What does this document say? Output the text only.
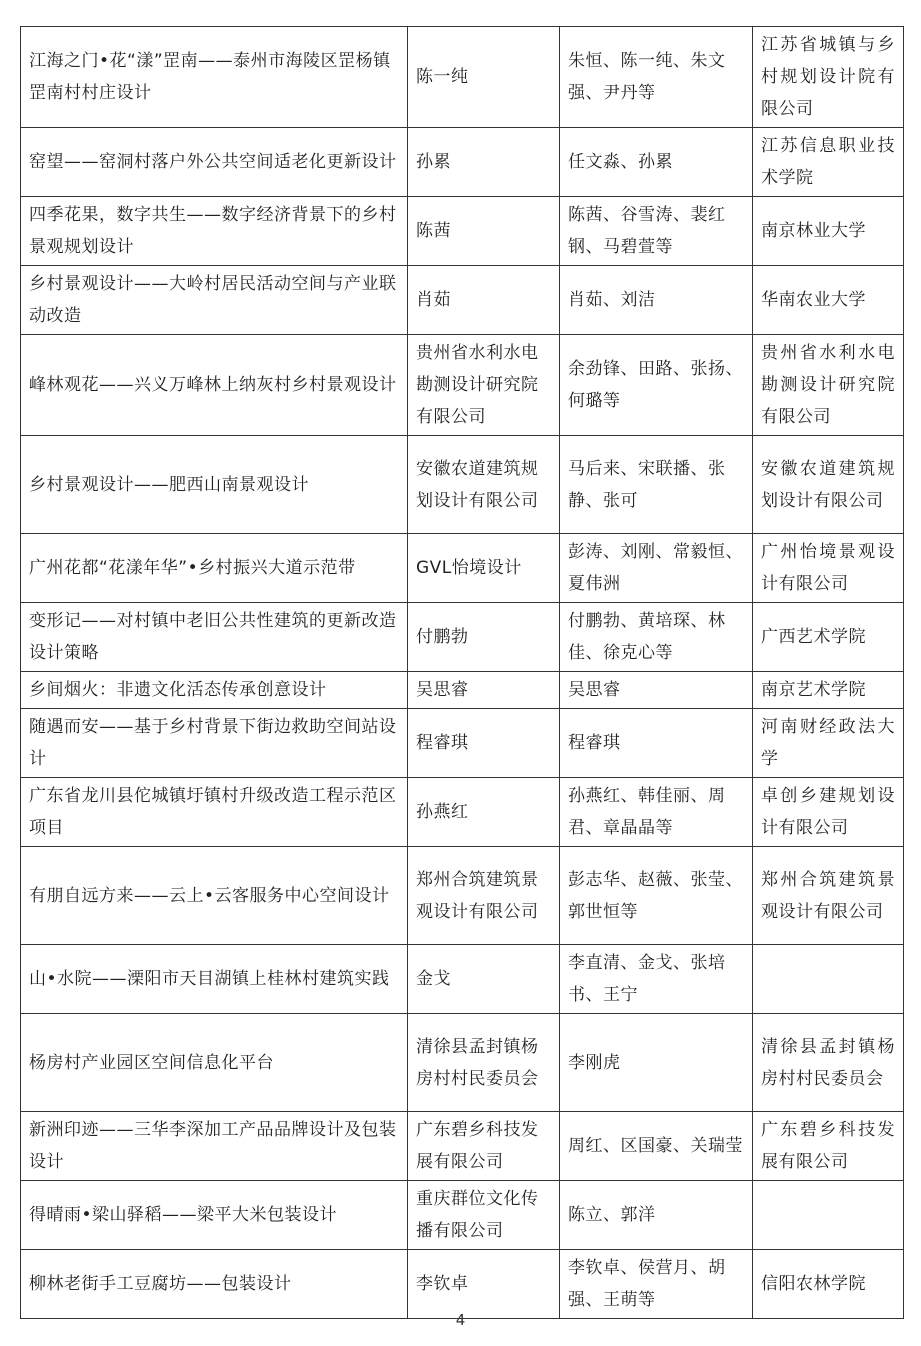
江海之门•花“漾”罡南——泰州市海陵区罡杨镇罡南村村庄设计	陈一纯	朱恒、陈一纯、朱文强、尹丹等	江苏省城镇与乡村规划设计院有限公司
窑望——窑洞村落户外公共空间适老化更新设计	孙累	任文淼、孙累	江苏信息职业技术学院
四季花果，数字共生——数字经济背景下的乡村景观规划设计	陈茜	陈茜、谷雪涛、裴红钢、马碧萱等	南京林业大学
乡村景观设计——大岭村居民活动空间与产业联动改造	肖茹	肖茹、刘洁	华南农业大学
峰林观花——兴义万峰林上纳灰村乡村景观设计	贵州省水利水电勘测设计研究院有限公司	余劲锋、田路、张扬、何璐等	贵州省水利水电勘测设计研究院有限公司
乡村景观设计——肥西山南景观设计	安徽农道建筑规划设计有限公司	马后来、宋联播、张静、张可	安徽农道建筑规划设计有限公司
广州花都“花漾年华”•乡村振兴大道示范带	GVL怡境设计	彭涛、刘刚、常毅恒、夏伟洲	广州怡境景观设计有限公司
变形记——对村镇中老旧公共性建筑的更新改造设计策略	付鹏勃	付鹏勃、黄培琛、林佳、徐克心等	广西艺术学院
乡间烟火：非遗文化活态传承创意设计	吴思睿	吴思睿	南京艺术学院
随遇而安——基于乡村背景下街边救助空间站设计	程睿琪	程睿琪	河南财经政法大学
广东省龙川县佗城镇圩镇村升级改造工程示范区项目	孙燕红	孙燕红、韩佳丽、周君、章晶晶等	卓创乡建规划设计有限公司
有朋自远方来——云上•云客服务中心空间设计	郑州合筑建筑景观设计有限公司	彭志华、赵薇、张莹、郭世恒等	郑州合筑建筑景观设计有限公司
山•水院——溧阳市天目湖镇上桂林村建筑实践	金戈	李直清、金戈、张培书、王宁	
杨房村产业园区空间信息化平台	清徐县孟封镇杨房村村民委员会	李刚虎	清徐县孟封镇杨房村村民委员会
新洲印迹——三华李深加工产品品牌设计及包装设计	广东碧乡科技发展有限公司	周红、区国豪、关瑞莹	广东碧乡科技发展有限公司
得晴雨•梁山驿稻——梁平大米包装设计	重庆群位文化传播有限公司	陈立、郭洋	
柳林老街手工豆腐坊——包装设计	李钦卓	李钦卓、侯营月、胡强、王萌等	信阳农林学院
4
